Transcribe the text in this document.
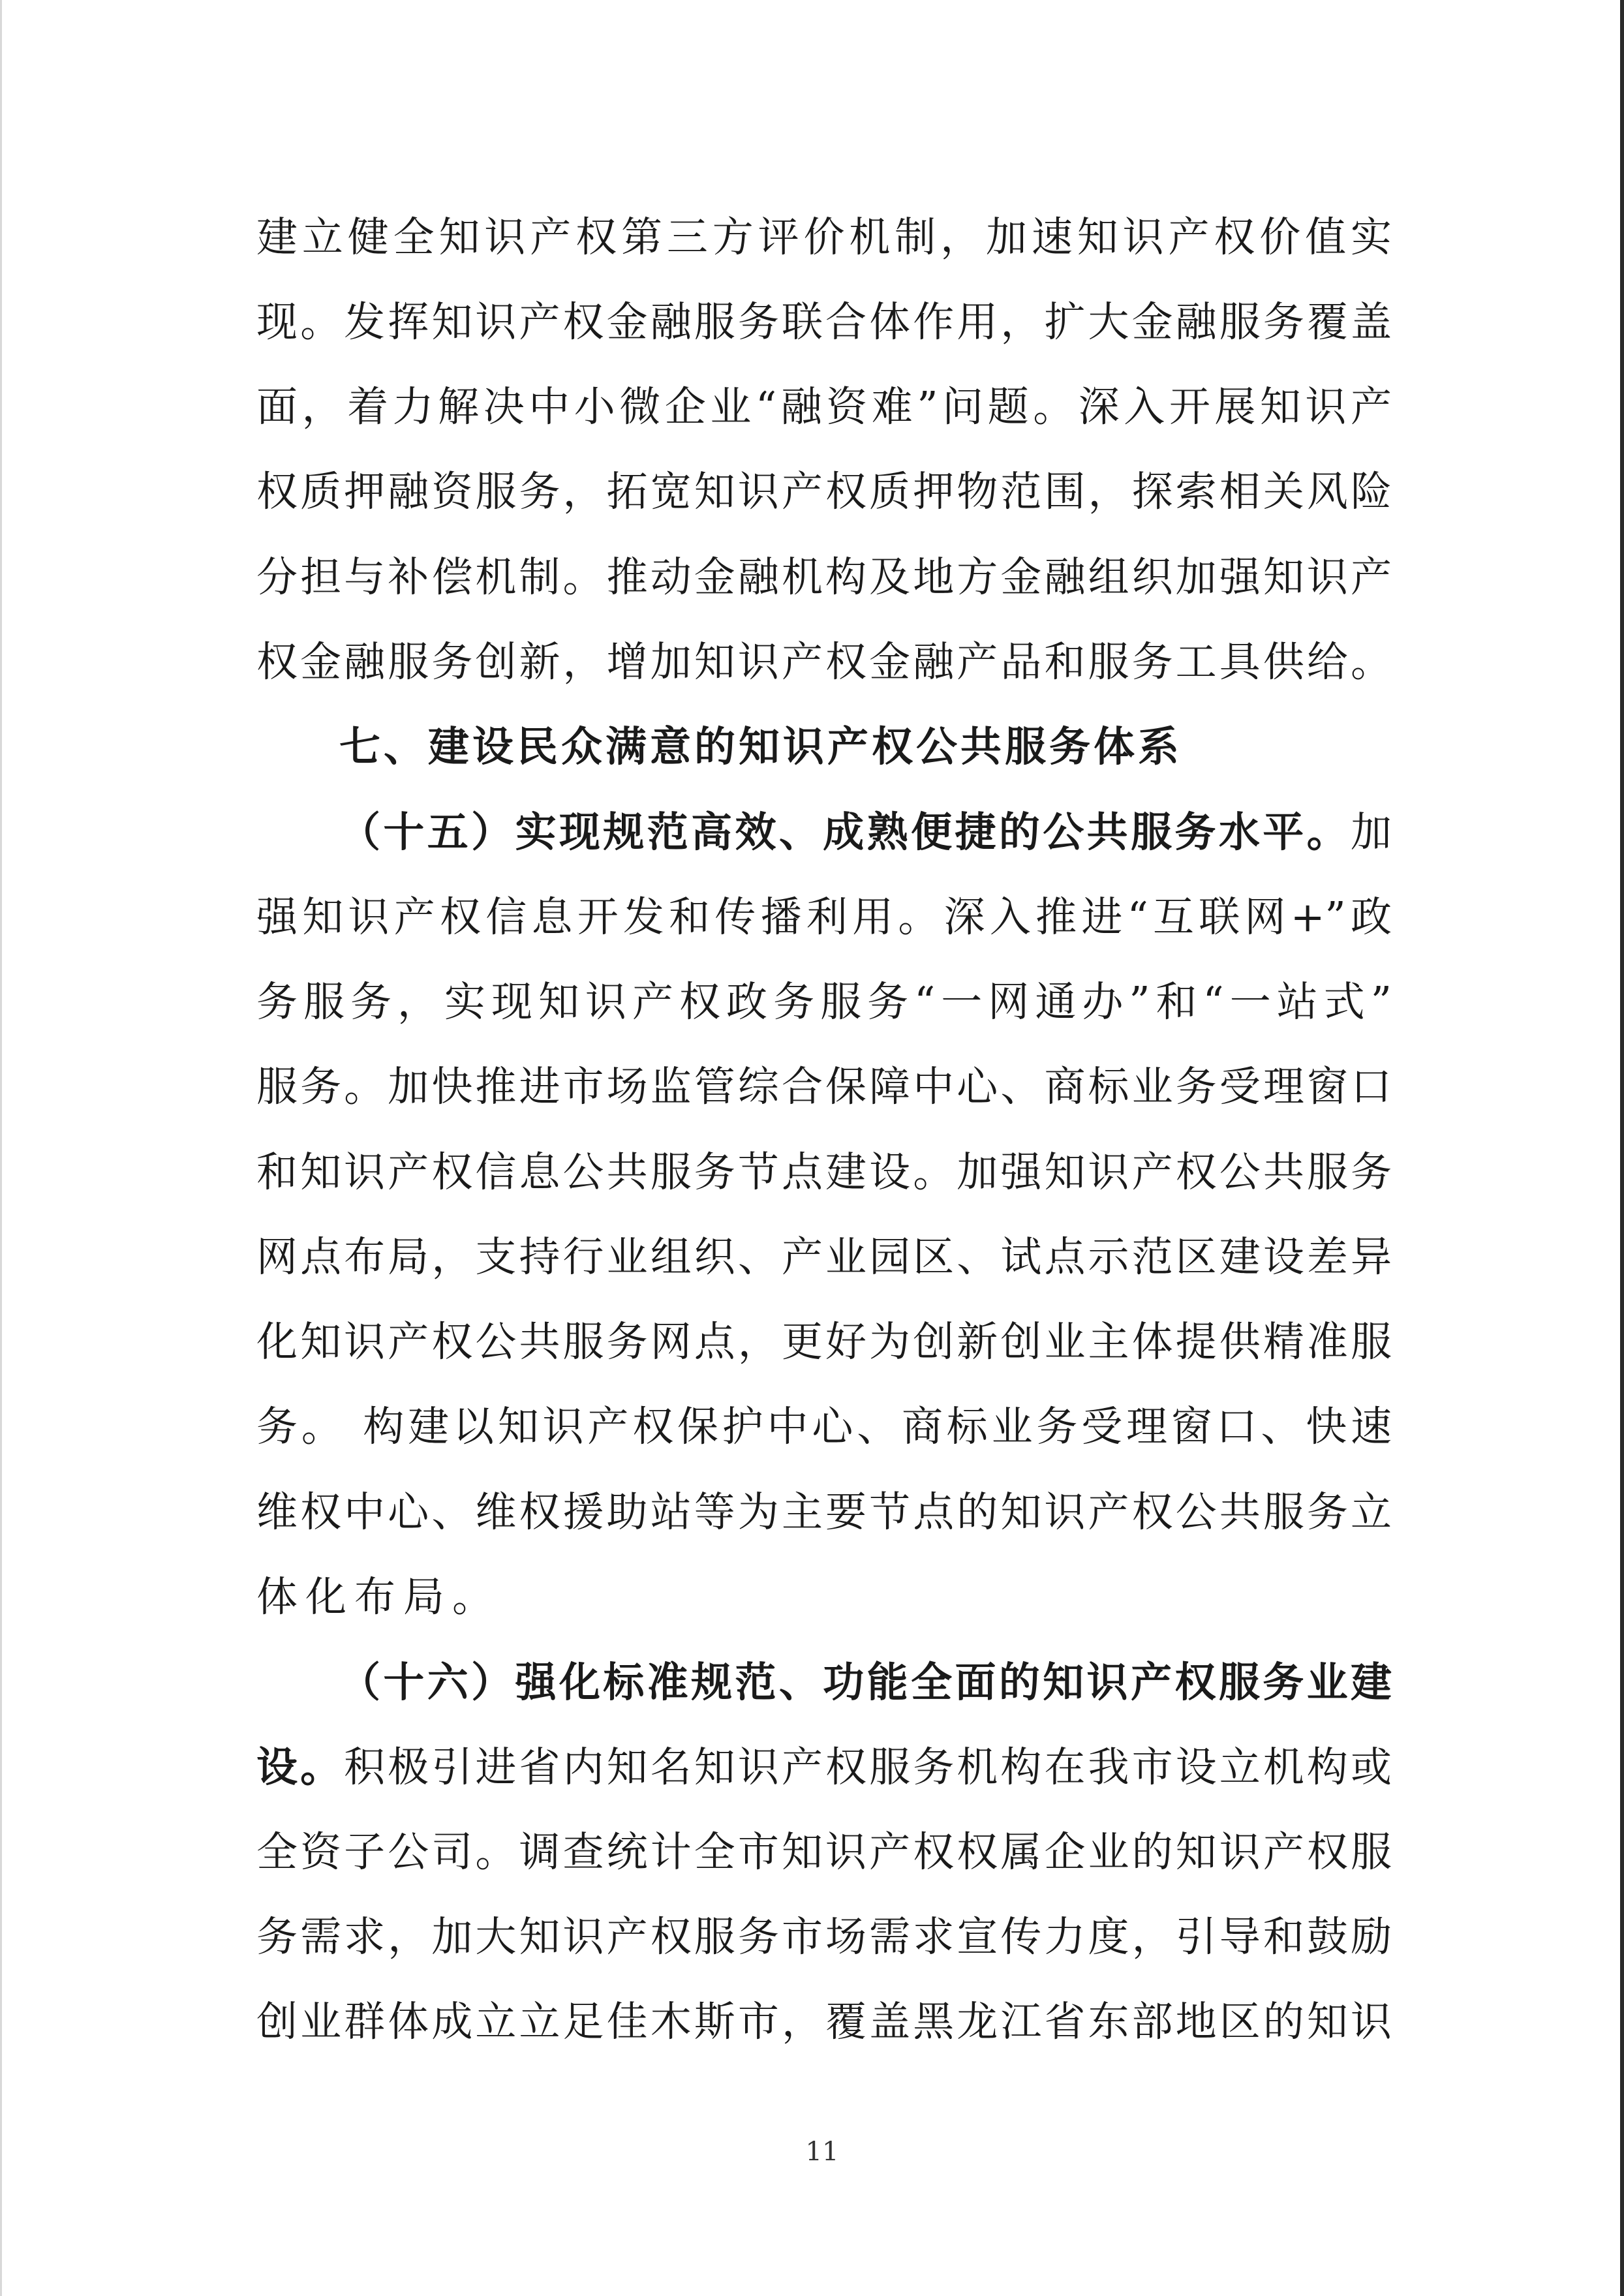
建立健全知识产权第三方评价机制，加速知识产权价值实
现。发挥知识产权金融服务联合体作用，扩大金融服务覆盖
面，着力解决中小微企业“融资难”问题。深入开展知识产
权质押融资服务，拓宽知识产权质押物范围，探索相关风险
分担与补偿机制。推动金融机构及地方金融组织加强知识产
权金融服务创新，增加知识产权金融产品和服务工具供给。
七、建设民众满意的知识产权公共服务体系
（十五）实现规范高效、成熟便捷的公共服务水平。加
强知识产权信息开发和传播利用。深入推进“互联网+”政
务服务，实现知识产权政务服务“一网通办”和“一站式”
服务。加快推进市场监管综合保障中心、商标业务受理窗口
和知识产权信息公共服务节点建设。加强知识产权公共服务
网点布局，支持行业组织、产业园区、试点示范区建设差异
化知识产权公共服务网点，更好为创新创业主体提供精准服
务。 构建以知识产权保护中心、商标业务受理窗口、快速
维权中心、维权援助站等为主要节点的知识产权公共服务立
体化布局。
（十六）强化标准规范、功能全面的知识产权服务业建
设。积极引进省内知名知识产权服务机构在我市设立机构或
全资子公司。调查统计全市知识产权权属企业的知识产权服
务需求，加大知识产权服务市场需求宣传力度，引导和鼓励
创业群体成立立足佳木斯市，覆盖黑龙江省东部地区的知识
11
